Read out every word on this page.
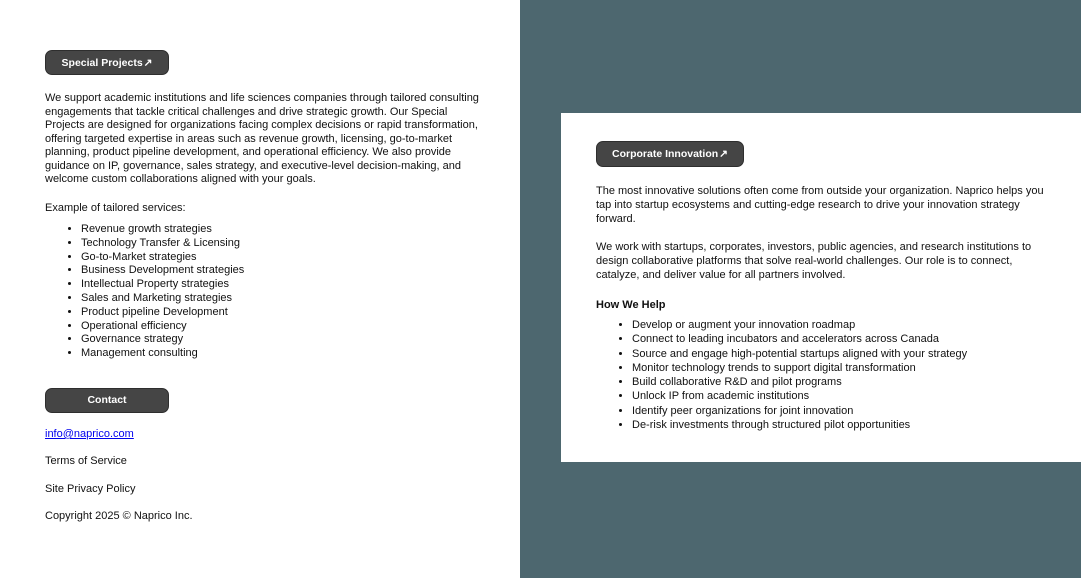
Special Projects ↗

We support academic institutions and life sciences companies through tailored consulting engagements that tackle critical challenges and drive strategic growth. Our Special Projects are designed for organizations facing complex decisions or rapid transformation, offering targeted expertise in areas such as revenue growth, licensing, go-to-market planning, product pipeline development, and operational efficiency. We also provide guidance on IP, governance, sales strategy, and executive-level decision-making, and welcome custom collaborations aligned with your goals.

Example of tailored services:

• Revenue growth strategies
• Technology Transfer & Licensing
• Go-to-Market strategies
• Business Development strategies
• Intellectual Property strategies
• Sales and Marketing strategies
• Product pipeline Development
• Operational efficiency
• Governance strategy
• Management consulting
Contact

info@naprico.com

Terms of Service

Site Privacy Policy

Copyright 2025 © Naprico Inc.

Corporate Innovation ↗

The most innovative solutions often come from outside your organization. Naprico helps you tap into startup ecosystems and cutting-edge research to drive your innovation strategy forward.

We work with startups, corporates, investors, public agencies, and research institutions to design collaborative platforms that solve real-world challenges. Our role is to connect, catalyze, and deliver value for all partners involved.

How We Help

• Develop or augment your innovation roadmap
• Connect to leading incubators and accelerators across Canada
• Source and engage high-potential startups aligned with your strategy
• Monitor technology trends to support digital transformation
• Build collaborative R&D and pilot programs
• Unlock IP from academic institutions
• Identify peer organizations for joint innovation
• De-risk investments through structured pilot opportunities
